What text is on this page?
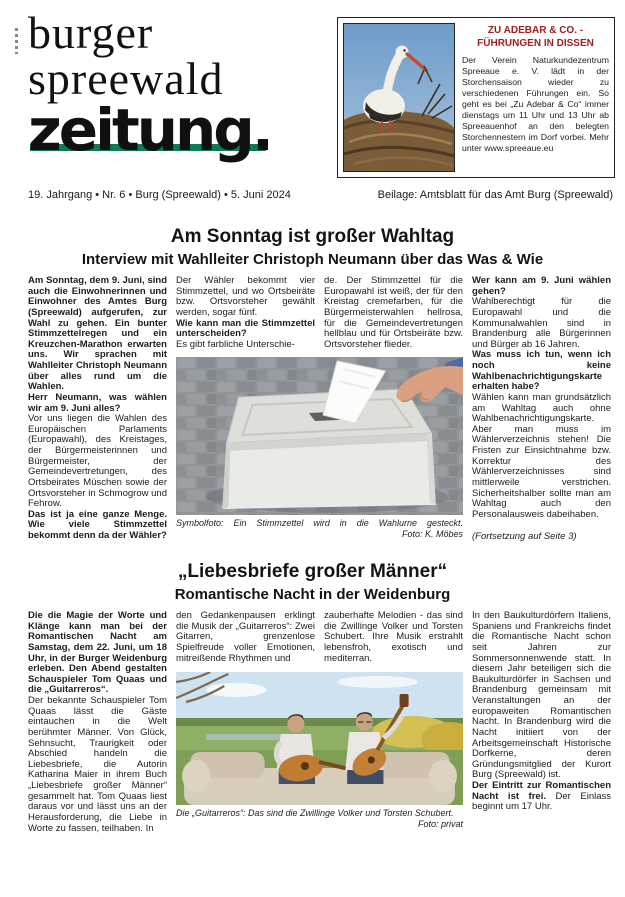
burger
spreewald
zeitung.
ZU ADEBAR & CO. -
FÜHRUNGEN IN DISSEN

Der Verein Naturkundezentrum Spreeaue e. V. lädt in der Storchensaison wieder zu verschiedenen Führungen ein. So geht es bei „Zu Adebar & Co“ immer dienstags um 11 Uhr und 13 Uhr ab Spreeauenhof an den belegten Storchennestern im Dorf vorbei. Mehr unter www.spreeaue.eu

19. Jahrgang • Nr. 6 • Burg (Spreewald) • 5. Juni 2024	Beilage: Amtsblatt für das Amt Burg (Spreewald)
Am Sonntag ist großer Wahltag
Interview mit Wahlleiter Christoph Neumann über das Was & Wie

Am Sonntag, dem 9. Juni, sind auch die Einwohnerinnen und Einwohner des Amtes Burg (Spreewald) aufgerufen, zur Wahl zu gehen. Ein bunter Stimmzettelregen und ein Kreuzchen-Marathon erwarten uns. Wir sprachen mit Wahlleiter Christoph Neumann über alles rund um die Wahlen.

Herr Neumann, was wählen wir am 9. Juni alles?

Vor uns liegen die Wahlen des Europäischen Parlaments (Europawahl), des Kreistages, der Bürgermeisterinnen und Bürgermeister, der Gemeindevertretungen, des Ortsbeirates Müschen sowie der Ortsvorsteher in Schmogrow und Fehrow.

Das ist ja eine ganze Menge. Wie viele Stimmzettel bekommt denn da der Wähler?

Der Wähler bekommt vier Stimmzettel, und wo Ortsbeiräte bzw. Ortsvorsteher gewählt werden, sogar fünf.

Wie kann man die Stimmzettel unterscheiden?

Es gibt farbliche Unterschie-

de. Der Stimmzettel für die Europawahl ist weiß, der für den Kreistag cremefarben, für die Bürgermeisterwahlen hellrosa, für die Gemeindevertretungen hellblau und für Ortsbeiräte bzw. Ortsvorsteher flieder.

Symbolfoto: Ein Stimmzettel wird in die Wahlurne gesteckt.
Foto: K. Möbes

Wer kann am 9. Juni wählen gehen?

Wahlberechtigt für die Europawahl und die Kommunalwahlen sind in Brandenburg alle Bürgerinnen und Bürger ab 16 Jahren.

Was muss ich tun, wenn ich noch keine Wahlbenachrichtigungskarte erhalten habe?

Wählen kann man grundsätzlich am Wahltag auch ohne Wahlbenachrichtigungskarte. Aber man muss im Wählerverzeichnis stehen! Die Fristen zur Einsichtnahme bzw. Korrektur des Wählerverzeichnisses sind mittlerweile verstrichen. Sicherheitshalber sollte man am Wahltag auch den Personalausweis dabeihaben.

(Fortsetzung auf Seite 3)

„Liebesbriefe großer Männer“
Romantische Nacht in der Weidenburg

Die die Magie der Worte und Klänge kann man bei der Romantischen Nacht am Samstag, dem 22. Juni, um 18 Uhr, in der Burger Weidenburg erleben. Den Abend gestalten Schauspieler Tom Quaas und die „Guitarreros“.

Der bekannte Schauspieler Tom Quaas lässt die Gäste eintauchen in die Welt berühmter Männer. Von Glück, Sehnsucht, Traurigkeit oder Abschied handeln die Liebesbriefe, die Autorin Katharina Maier in ihrem Buch „Liebesbriefe großer Männer“ gesammelt hat. Tom Quaas liest daraus vor und lässt uns an der Herausforderung, die Liebe in Worte zu fassen, teilhaben. In

den Gedankenpausen erklingt die Musik der „Guitarreros“: Zwei Gitarren, grenzenlose Spielfreude voller Emotionen, mitreißende Rhythmen und

zauberhafte Melodien - das sind die Zwillinge Volker und Torsten Schubert. Ihre Musik erstrahlt lebensfroh, exotisch und mediterran.

Die „Guitarreros“: Das sind die Zwillinge Volker und Torsten Schubert.
Foto: privat

In den Baukulturdörfern Italiens, Spaniens und Frankreichs findet die Romantische Nacht schon seit Jahren zur Sommersonnenwende statt. In diesem Jahr beteiligen sich die Baukulturdörfer in Sachsen und Brandenburg gemeinsam mit Veranstaltungen an der europaweiten Romantischen Nacht. In Brandenburg wird die Nacht initiiert von der Arbeitsgemeinschaft Historische Dorfkerne, deren Gründungsmitglied der Kurort Burg (Spreewald) ist.

Der Eintritt zur Romantischen Nacht ist frei. Der Einlass beginnt um 17 Uhr.
